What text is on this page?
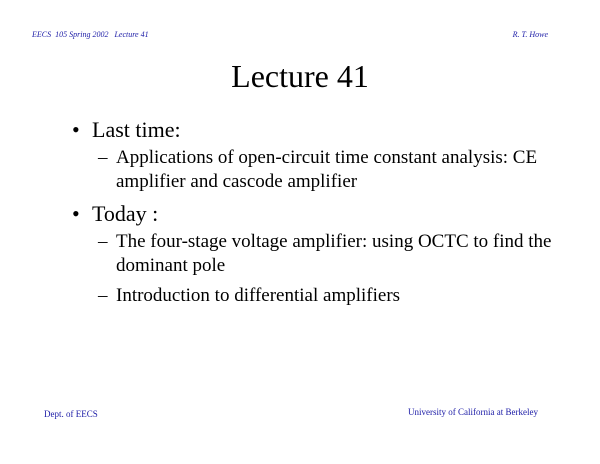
EECS  105 Spring 2002   Lecture 41	R. T. Howe
Lecture 41
• Last time:
– Applications of open-circuit time constant analysis: CE amplifier and cascode amplifier
• Today :
– The four-stage voltage amplifier: using OCTC to find the dominant pole
– Introduction to differential amplifiers
Dept. of EECS	University of California at Berkeley
